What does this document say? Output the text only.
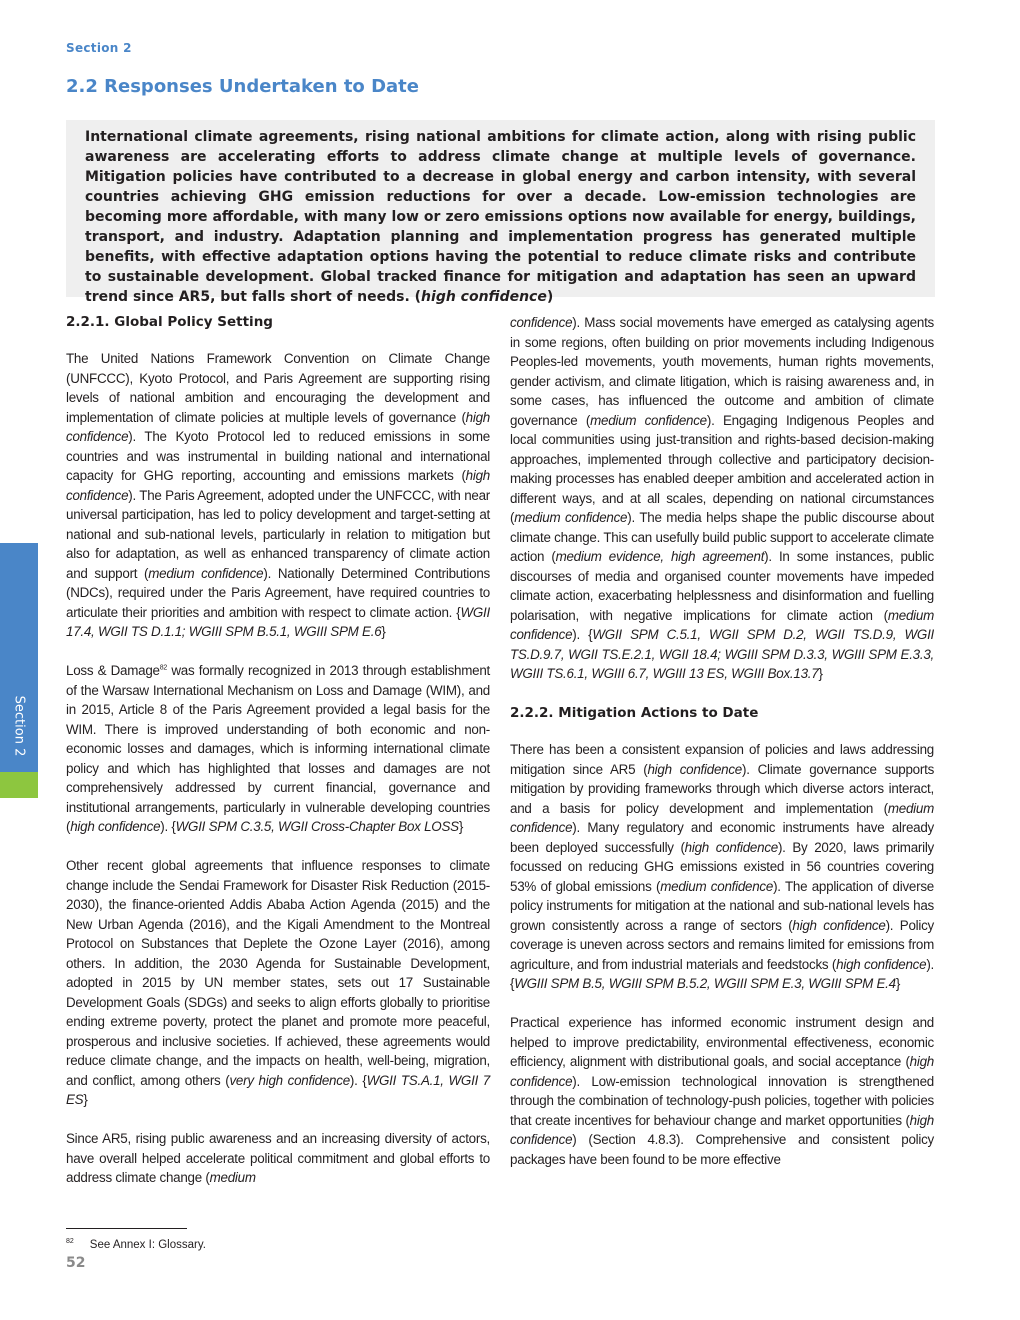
Section 2
2.2 Responses Undertaken to Date

International climate agreements, rising national ambitions for climate action, along with rising public awareness are accelerating efforts to address climate change at multiple levels of governance. Mitigation policies have contributed to a decrease in global energy and carbon intensity, with several countries achieving GHG emission reductions for over a decade. Low-emission technologies are becoming more affordable, with many low or zero emissions options now available for energy, buildings, transport, and industry. Adaptation planning and implementation progress has generated multiple benefits, with effective adaptation options having the potential to reduce climate risks and contribute to sustainable development. Global tracked finance for mitigation and adaptation has seen an upward trend since AR5, but falls short of needs. (high confidence)

2.2.1. Global Policy Setting

The United Nations Framework Convention on Climate Change (UNFCCC), Kyoto Protocol, and Paris Agreement are supporting rising levels of national ambition and encouraging the development and implementation of climate policies at multiple levels of governance (high confidence). The Kyoto Protocol led to reduced emissions in some countries and was instrumental in building national and international capacity for GHG reporting, accounting and emissions markets (high confidence). The Paris Agreement, adopted under the UNFCCC, with near universal participation, has led to policy development and target-setting at national and sub-national levels, particularly in relation to mitigation but also for adaptation, as well as enhanced transparency of climate action and support (medium confidence). Nationally Determined Contributions (NDCs), required under the Paris Agreement, have required countries to articulate their priorities and ambition with respect to climate action. {WGII 17.4, WGII TS D.1.1; WGIII SPM B.5.1, WGIII SPM E.6}

Loss & Damage$^{82}$ was formally recognized in 2013 through establishment of the Warsaw International Mechanism on Loss and Damage (WIM), and in 2015, Article 8 of the Paris Agreement provided a legal basis for the WIM. There is improved understanding of both economic and non-economic losses and damages, which is informing international climate policy and which has highlighted that losses and damages are not comprehensively addressed by current financial, governance and institutional arrangements, particularly in vulnerable developing countries (high confidence). {WGII SPM C.3.5, WGII Cross-Chapter Box LOSS}

Other recent global agreements that influence responses to climate change include the Sendai Framework for Disaster Risk Reduction (2015-2030), the finance-oriented Addis Ababa Action Agenda (2015) and the New Urban Agenda (2016), and the Kigali Amendment to the Montreal Protocol on Substances that Deplete the Ozone Layer (2016), among others. In addition, the 2030 Agenda for Sustainable Development, adopted in 2015 by UN member states, sets out 17 Sustainable Development Goals (SDGs) and seeks to align efforts globally to prioritise ending extreme poverty, protect the planet and promote more peaceful, prosperous and inclusive societies. If achieved, these agreements would reduce climate change, and the impacts on health, well-being, migration, and conflict, among others (very high confidence). {WGII TS.A.1, WGII 7 ES}

Since AR5, rising public awareness and an increasing diversity of actors, have overall helped accelerate political commitment and global efforts to address climate change (medium

confidence). Mass social movements have emerged as catalysing agents in some regions, often building on prior movements including Indigenous Peoples-led movements, youth movements, human rights movements, gender activism, and climate litigation, which is raising awareness and, in some cases, has influenced the outcome and ambition of climate governance (medium confidence). Engaging Indigenous Peoples and local communities using just-transition and rights-based decision-making approaches, implemented through collective and participatory decision-making processes has enabled deeper ambition and accelerated action in different ways, and at all scales, depending on national circumstances (medium confidence). The media helps shape the public discourse about climate change. This can usefully build public support to accelerate climate action (medium evidence, high agreement). In some instances, public discourses of media and organised counter movements have impeded climate action, exacerbating helplessness and disinformation and fuelling polarisation, with negative implications for climate action (medium confidence). {WGII SPM C.5.1, WGII SPM D.2, WGII TS.D.9, WGII TS.D.9.7, WGII TS.E.2.1, WGII 18.4; WGIII SPM D.3.3, WGIII SPM E.3.3, WGIII TS.6.1, WGIII 6.7, WGIII 13 ES, WGIII Box.13.7}

2.2.2. Mitigation Actions to Date

There has been a consistent expansion of policies and laws addressing mitigation since AR5 (high confidence). Climate governance supports mitigation by providing frameworks through which diverse actors interact, and a basis for policy development and implementation (medium confidence). Many regulatory and economic instruments have already been deployed successfully (high confidence). By 2020, laws primarily focussed on reducing GHG emissions existed in 56 countries covering 53% of global emissions (medium confidence). The application of diverse policy instruments for mitigation at the national and sub-national levels has grown consistently across a range of sectors (high confidence). Policy coverage is uneven across sectors and remains limited for emissions from agriculture, and from industrial materials and feedstocks (high confidence). {WGIII SPM B.5, WGIII SPM B.5.2, WGIII SPM E.3, WGIII SPM E.4}

Practical experience has informed economic instrument design and helped to improve predictability, environmental effectiveness, economic efficiency, alignment with distributional goals, and social acceptance (high confidence). Low-emission technological innovation is strengthened through the combination of technology-push policies, together with policies that create incentives for behaviour change and market opportunities (high confidence) (Section 4.8.3). Comprehensive and consistent policy packages have been found to be more effective

$^{82}$ See Annex I: Glossary.
52
Section 2
